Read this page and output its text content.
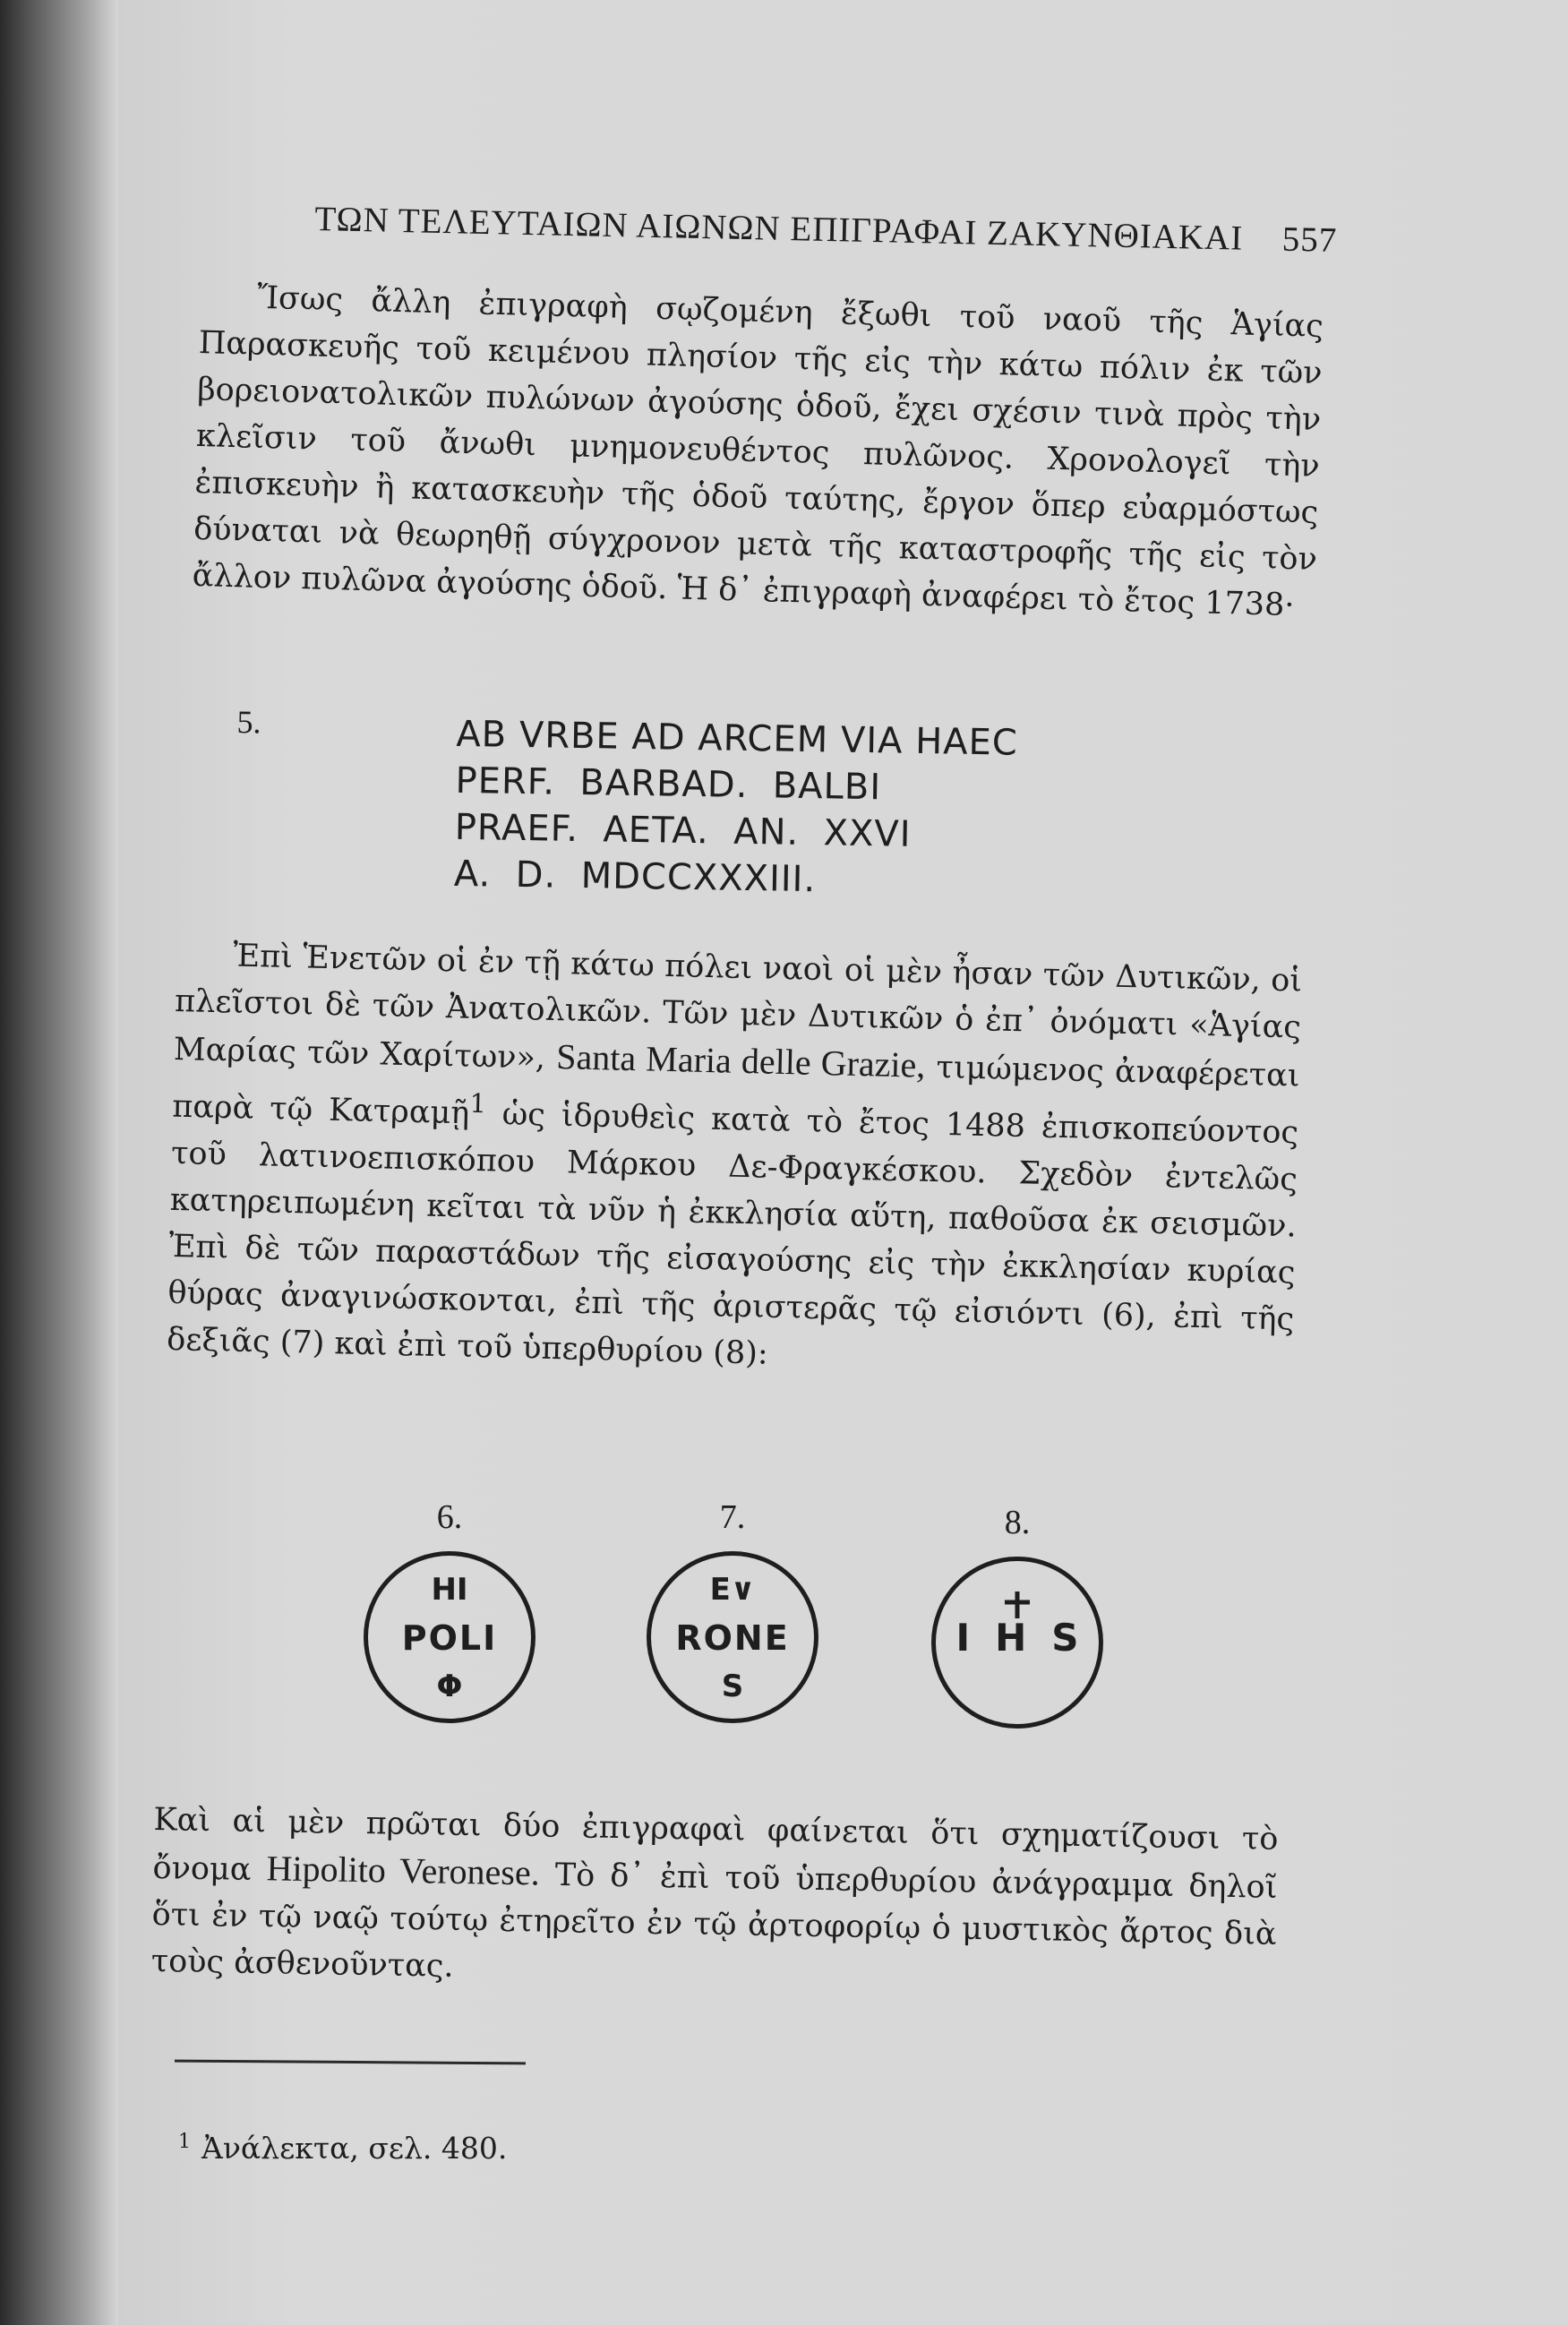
ΤΩΝ ΤΕΛΕΥΤΑΙΩΝ ΑΙΩΝΩΝ ΕΠΙΓΡΑΦΑΙ ΖΑΚΥΝΘΙΑΚΑΙ 557
Ἴσως ἄλλη ἐπιγραφὴ σῳζομένη ἔξωθι τοῦ ναοῦ τῆς Ἁγίας Παρασκευῆς τοῦ κειμένου πλησίον τῆς εἰς τὴν κάτω πόλιν ἐκ τῶν βορειονατολικῶν πυλώνων ἀγούσης ὁδοῦ, ἔχει σχέσιν τινὰ πρὸς τὴν κλεῖσιν τοῦ ἄνωθι μνημονευθέντος πυλῶνος. Χρονολογεῖ τὴν ἐπισκευὴν ἢ κατασκευὴν τῆς ὁδοῦ ταύτης, ἔργον ὅπερ εὐαρμόστως δύναται νὰ θεωρηθῇ σύγχρονον μετὰ τῆς καταστροφῆς τῆς εἰς τὸν ἄλλον πυλῶνα ἀγούσης ὁδοῦ. Ἡ δ᾽ ἐπιγραφὴ ἀναφέρει τὸ ἔτος 1738·
5.	AB VRBE AD ARCEM VIA HAEC
PERF.  BARBAD.  BALBI
PRAEF.  AETA.  AN.  XXVI
A.  D.  MDCCXXXIII.
Ἐπὶ Ἑνετῶν οἱ ἐν τῇ κάτω πόλει ναοὶ οἱ μὲν ἦσαν τῶν Δυτικῶν, οἱ πλεῖστοι δὲ τῶν Ἀνατολικῶν. Τῶν μὲν Δυτικῶν ὁ ἐπ᾽ ὀνόματι «Ἁγίας Μαρίας τῶν Χαρίτων», Santa Maria delle Grazie, τιμώμενος ἀναφέρεται παρὰ τῷ Κατραμῇ$^1$ ὡς ἱδρυθεὶς κατὰ τὸ ἔτος 1488 ἐπισκοπεύοντος τοῦ λατινοεπισκόπου Μάρκου Δε-Φραγκέσκου. Σχεδὸν ἐντελῶς κατηρειπωμένη κεῖται τὰ νῦν ἡ ἐκκλησία αὕτη, παθοῦσα ἐκ σεισμῶν. Ἐπὶ δὲ τῶν παραστάδων τῆς εἰσαγούσης εἰς τὴν ἐκκλησίαν κυρίας θύρας ἀναγινώσκονται, ἐπὶ τῆς ἀριστερᾶς τῷ εἰσιόντι (6), ἐπὶ τῆς δεξιᾶς (7) καὶ ἐπὶ τοῦ ὑπερθυρίου (8):
6.
HI
POLI
Φ
7.
E∨
RONE
S
8.
I H S
Καὶ αἱ μὲν πρῶται δύο ἐπιγραφαὶ φαίνεται ὅτι σχηματίζουσι τὸ ὄνομα Hipolito Veronese. Τὸ δ᾽ ἐπὶ τοῦ ὑπερθυρίου ἀνάγραμμα δηλοῖ ὅτι ἐν τῷ ναῷ τούτῳ ἐτηρεῖτο ἐν τῷ ἀρτοφορίῳ ὁ μυστικὸς ἄρτος διὰ τοὺς ἀσθενοῦντας.
$^1$ Ἀνάλεκτα, σελ. 480.
